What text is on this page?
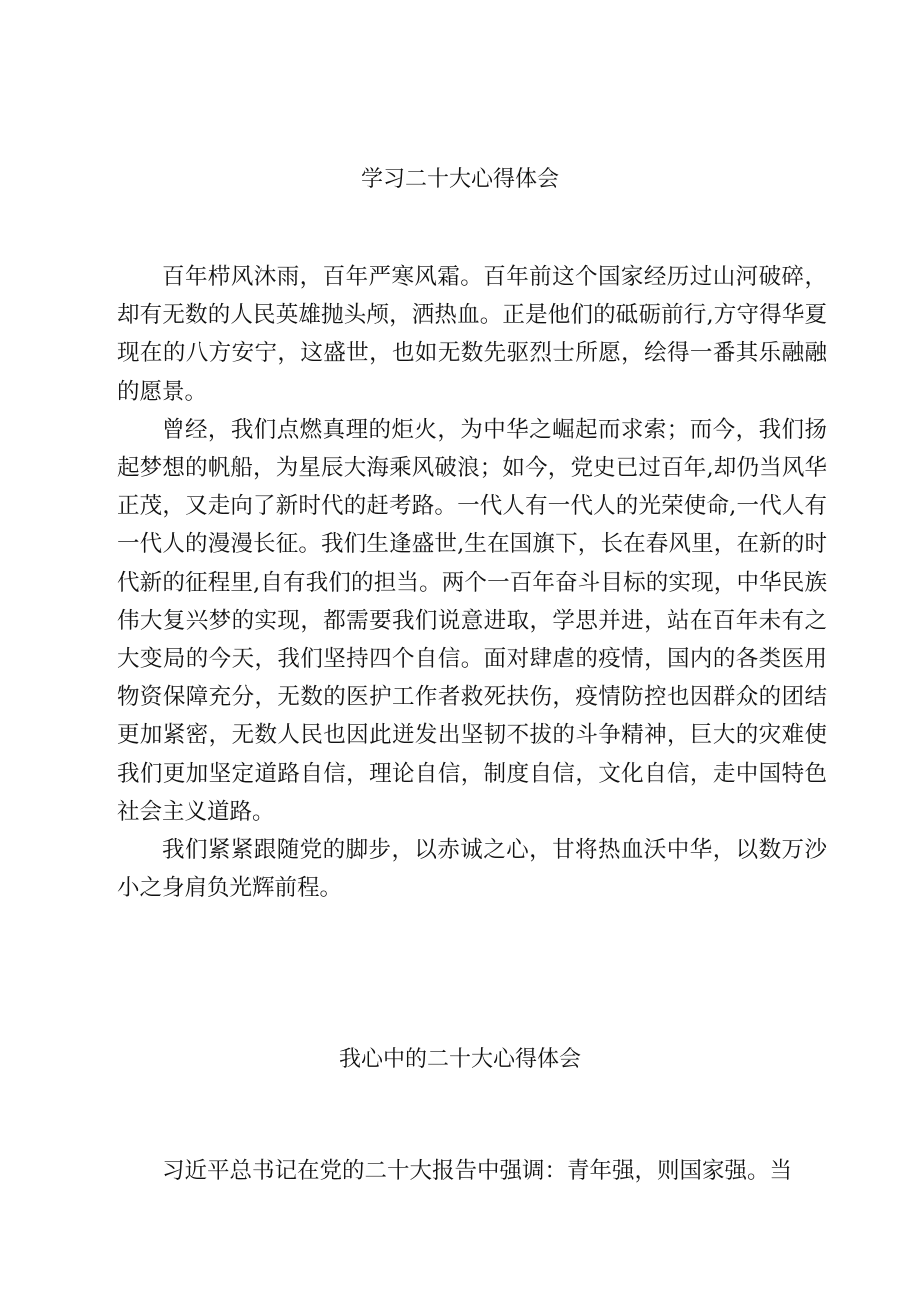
学习二十大心得体会

百年栉风沐雨，百年严寒风霜。百年前这个国家经历过山河破碎，却有无数的人民英雄抛头颅，洒热血。正是他们的砥砺前行,方守得华夏现在的八方安宁，这盛世，也如无数先驱烈士所愿，绘得一番其乐融融的愿景。

曾经，我们点燃真理的炬火，为中华之崛起而求索；而今，我们扬起梦想的帆船，为星辰大海乘风破浪；如今，党史已过百年,却仍当风华正茂，又走向了新时代的赶考路。一代人有一代人的光荣使命,一代人有一代人的漫漫长征。我们生逢盛世,生在国旗下，长在春风里，在新的时代新的征程里,自有我们的担当。两个一百年奋斗目标的实现，中华民族伟大复兴梦的实现，都需要我们说意进取，学思并进，站在百年未有之大变局的今天，我们坚持四个自信。面对肆虐的疫情，国内的各类医用物资保障充分，无数的医护工作者救死扶伤，疫情防控也因群众的团结更加紧密，无数人民也因此迸发出坚韧不拔的斗争精神，巨大的灾难使我们更加坚定道路自信，理论自信，制度自信，文化自信，走中国特色社会主义道路。

我们紧紧跟随党的脚步，以赤诚之心，甘将热血沃中华，以数万沙小之身肩负光辉前程。

我心中的二十大心得体会

习近平总书记在党的二十大报告中强调：青年强，则国家强。当
